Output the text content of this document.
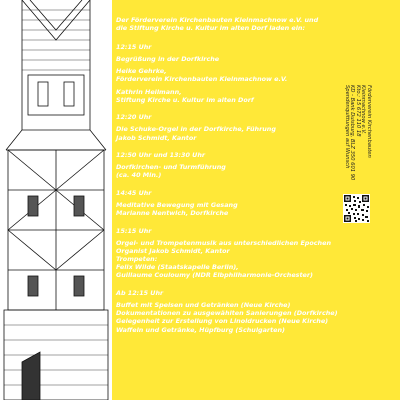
Der Förderverein Kirchenbauten Kleinmachnow e.V. und
die Stiftung Kirche u. Kultur im alten Dorf laden ein:
12:15 Uhr
Begrüßung in der Dorfkirche
Heike Gehrke,
Förderverein Kirchenbauten Kleinmachnow e.V.
Kathrin Heilmann,
Stiftung Kirche u. Kultur im alten Dorf
12:20 Uhr
Die Schuke-Orgel in der Dorfkirche, Führung
Jakob Schmidt, Kantor
12:50 Uhr und 13:30 Uhr
Dorfkirchen- und Turmführung
(ca. 40 Min.)
14:45 Uhr
Meditative Bewegung mit Gesang
Marianne Nentwich, Dorfkirche
15:15 Uhr
Orgel- und Trompetenmusik aus unterschiedlichen Epochen
Organist Jakob Schmidt, Kantor
Trompeten:
Felix Wilde (Staatskapelle Berlin),
Guillaume Couloumy (NDR Elbphilharmonie-Orchester)
Ab 12:15 Uhr
Buffet mit Speisen und Getränken (Neue Kirche)
Dokumentationen zu ausgewählten Sanierungen (Dorfkirche)
Gelegenheit zur Erstellung von Linoldrucken (Neue Kirche)
Waffeln und Getränke, Hüpfburg (Schulgarten)
Förderverein Kirchenbauten
Kleinmachnow e.V.
Kto.: 15 672 110 18
KD - Bank Duisburg, BLZ 350 601 90
Spendenquittungen auf Wunsch
